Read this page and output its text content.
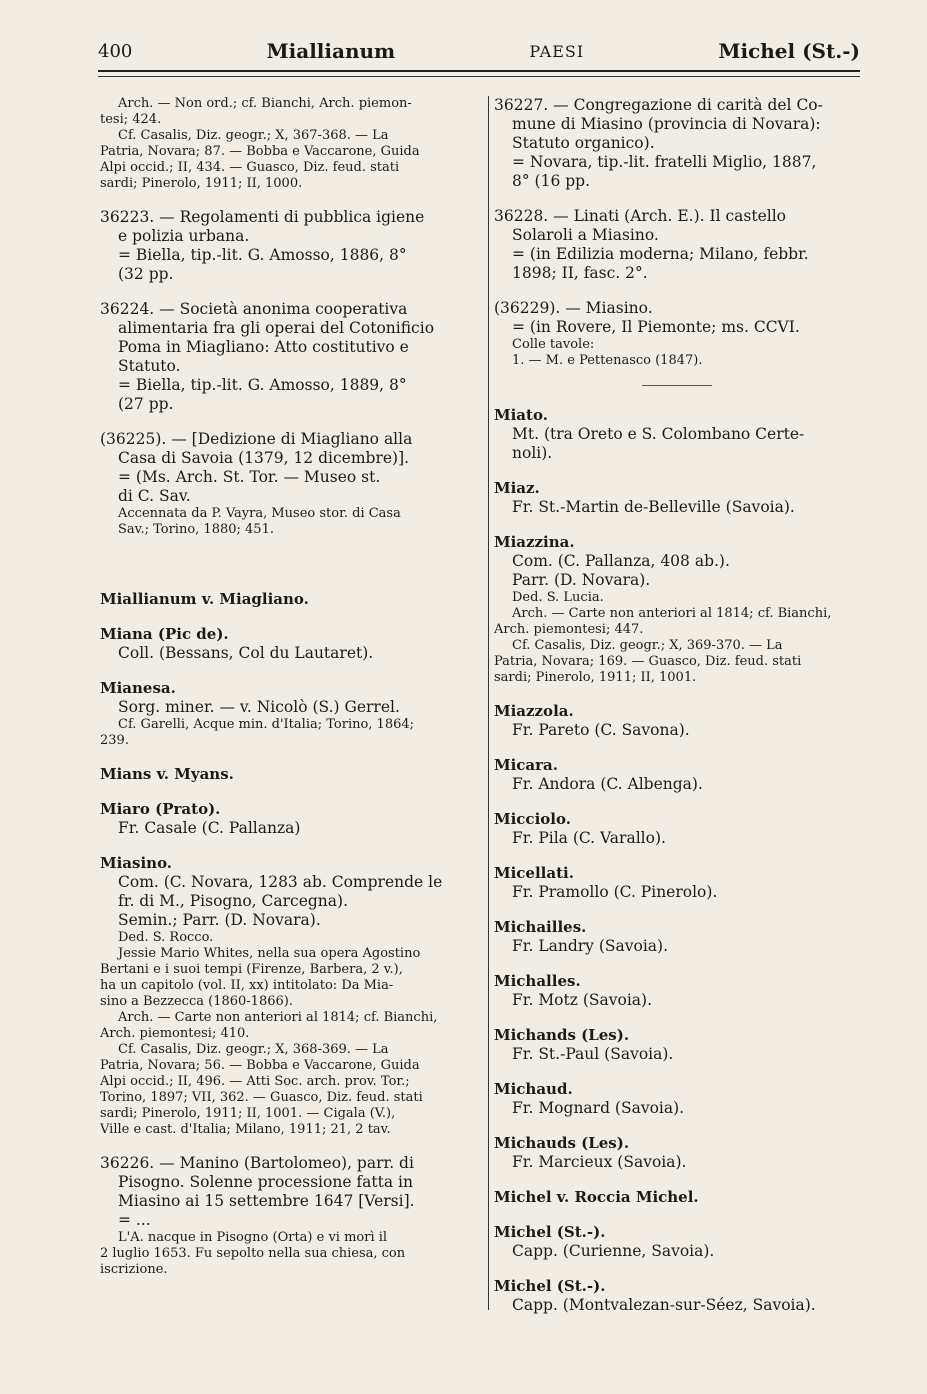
400	Miallianum	PAESI	Michel (St.-)

Arch. — Non ord.; cf. Bianchi, Arch. piemon-

tesi; 424.

Cf. Casalis, Diz. geogr.; X, 367-368. — La

Patria, Novara; 87. — Bobba e Vaccarone, Guida

Alpi occid.; II, 434. — Guasco, Diz. feud. stati

sardi; Pinerolo, 1911; II, 1000.

36223. — Regolamenti di pubblica igiene

e polizia urbana.

= Biella, tip.-lit. G. Amosso, 1886, 8°

(32 pp.

36224. — Società anonima cooperativa

alimentaria fra gli operai del Cotonificio

Poma in Miagliano: Atto costitutivo e

Statuto.

= Biella, tip.-lit. G. Amosso, 1889, 8°

(27 pp.

(36225). — [Dedizione di Miagliano alla

Casa di Savoia (1379, 12 dicembre)].

= (Ms. Arch. St. Tor. — Museo st.

di C. Sav.

Accennata da P. Vayra, Museo stor. di Casa

Sav.; Torino, 1880; 451.

Miallianum v. Miagliano.

Miana (Pic de).

Coll. (Bessans, Col du Lautaret).

Mianesa.

Sorg. miner. — v. Nicolò (S.) Gerrel.

Cf. Garelli, Acque min. d'Italia; Torino, 1864;

239.

Mians v. Myans.

Miaro (Prato).

Fr. Casale (C. Pallanza)

Miasino.

Com. (C. Novara, 1283 ab. Comprende le

fr. di M., Pisogno, Carcegna).

Semin.; Parr. (D. Novara).

Ded. S. Rocco.

Jessie Mario Whites, nella sua opera Agostino

Bertani e i suoi tempi (Firenze, Barbera, 2 v.),

ha un capitolo (vol. II, xx) intitolato: Da Mia-

sino a Bezzecca (1860-1866).

Arch. — Carte non anteriori al 1814; cf. Bianchi,

Arch. piemontesi; 410.

Cf. Casalis, Diz. geogr.; X, 368-369. — La

Patria, Novara; 56. — Bobba e Vaccarone, Guida

Alpi occid.; II, 496. — Atti Soc. arch. prov. Tor.;

Torino, 1897; VII, 362. — Guasco, Diz. feud. stati

sardi; Pinerolo, 1911; II, 1001. — Cigala (V.),

Ville e cast. d'Italia; Milano, 1911; 21, 2 tav.

36226. — Manino (Bartolomeo), parr. di

Pisogno. Solenne processione fatta in

Miasino ai 15 settembre 1647 [Versi].

= ...

L'A. nacque in Pisogno (Orta) e vi morì il

2 luglio 1653. Fu sepolto nella sua chiesa, con

iscrizione.

36227. — Congregazione di carità del Co-

mune di Miasino (provincia di Novara):

Statuto organico).

= Novara, tip.-lit. fratelli Miglio, 1887,

8° (16 pp.

36228. — Linati (Arch. E.). Il castello

Solaroli a Miasino.

= (in Edilizia moderna; Milano, febbr.

1898; II, fasc. 2°.

(36229). — Miasino.

= (in Rovere, Il Piemonte; ms. CCVI.

Colle tavole:

1. — M. e Pettenasco (1847).

Miato.

Mt. (tra Oreto e S. Colombano Certe-

noli).

Miaz.

Fr. St.-Martin de-Belleville (Savoia).

Miazzina.

Com. (C. Pallanza, 408 ab.).

Parr. (D. Novara).

Ded. S. Lucia.

Arch. — Carte non anteriori al 1814; cf. Bianchi,

Arch. piemontesi; 447.

Cf. Casalis, Diz. geogr.; X, 369-370. — La

Patria, Novara; 169. — Guasco, Diz. feud. stati

sardi; Pinerolo, 1911; II, 1001.

Miazzola.

Fr. Pareto (C. Savona).

Micara.

Fr. Andora (C. Albenga).

Micciolo.

Fr. Pila (C. Varallo).

Micellati.

Fr. Pramollo (C. Pinerolo).

Michailles.

Fr. Landry (Savoia).

Michalles.

Fr. Motz (Savoia).

Michands (Les).

Fr. St.-Paul (Savoia).

Michaud.

Fr. Mognard (Savoia).

Michauds (Les).

Fr. Marcieux (Savoia).

Michel v. Roccia Michel.

Michel (St.-).

Capp. (Curienne, Savoia).

Michel (St.-).

Capp. (Montvalezan-sur-Séez, Savoia).
